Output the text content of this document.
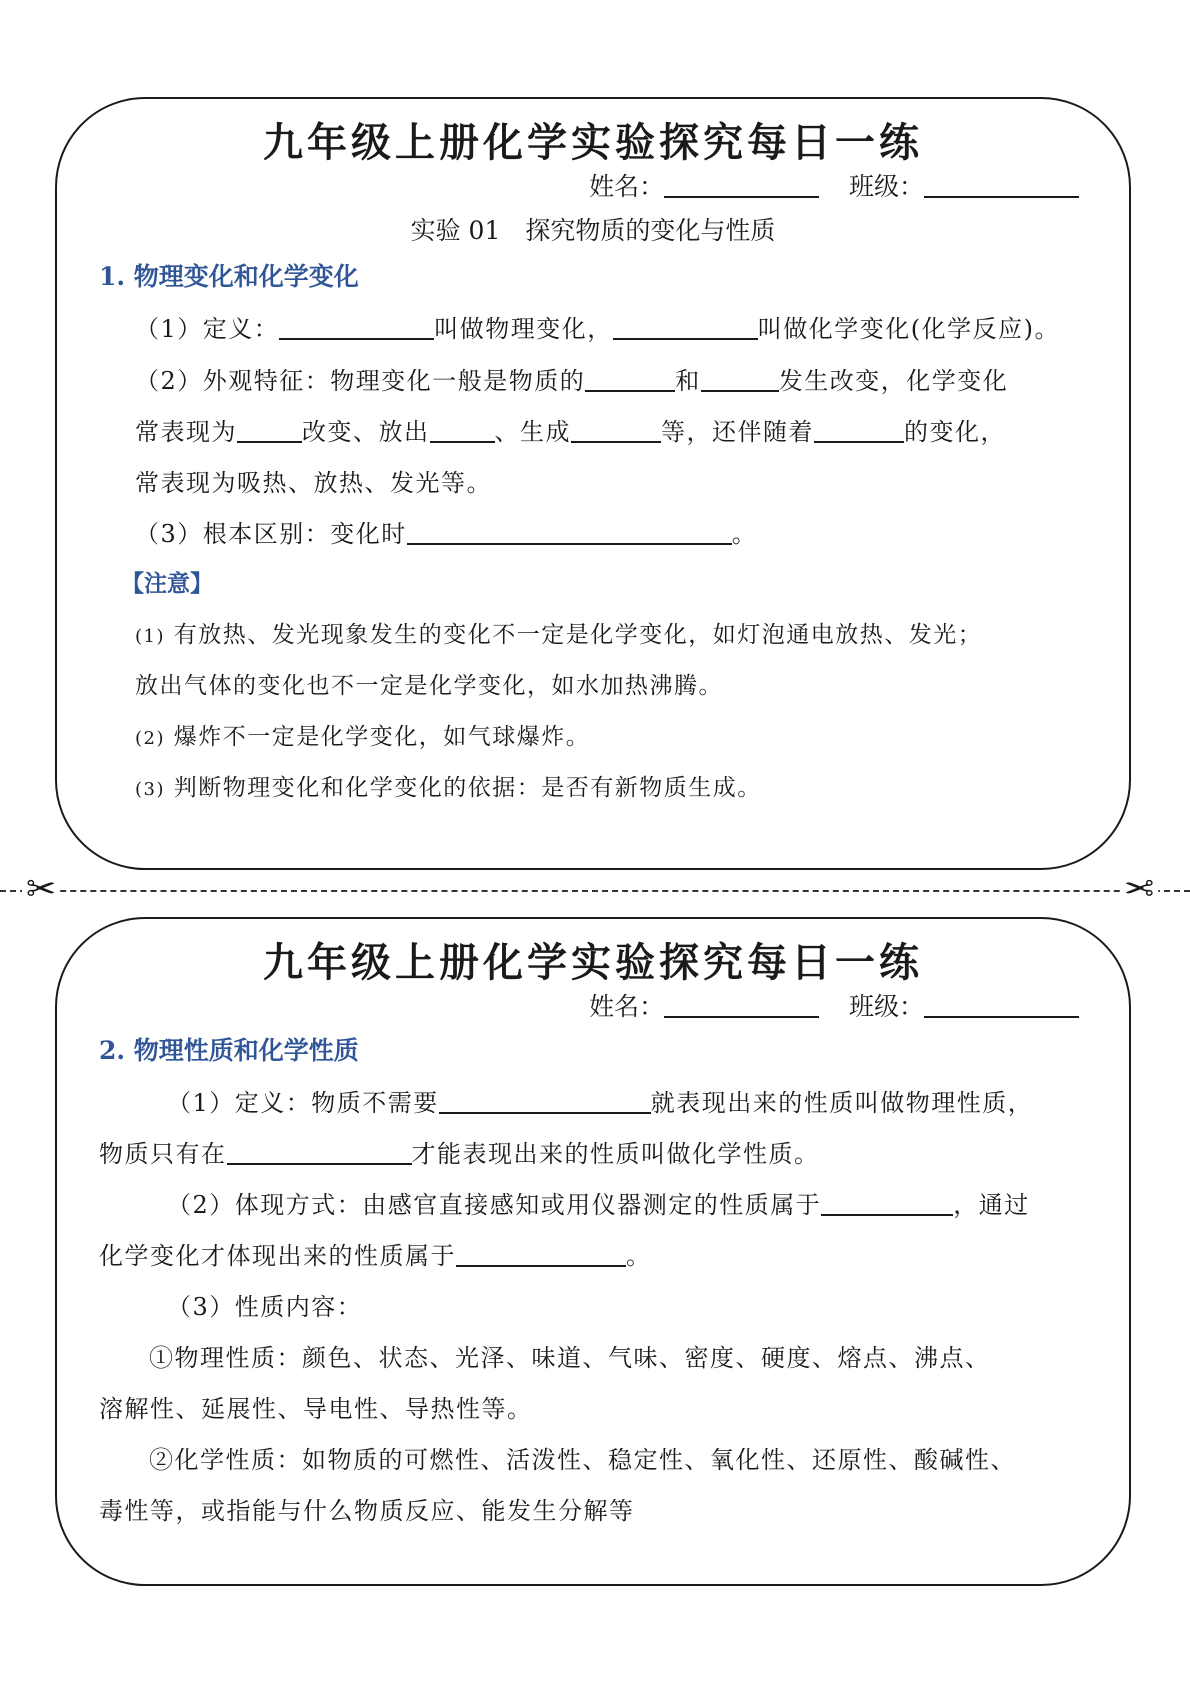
九年级上册化学实验探究每日一练
姓名：	班级：
实验 01　探究物质的变化与性质
1. 物理变化和化学变化
（1）定义：	叫做物理变化，	叫做化学变化(化学反应)。
（2）外观特征：物理变化一般是物质的	和	发生改变，化学变化
常表现为	改变、放出	、生成	等，还伴随着	的变化，
常表现为吸热、放热、发光等。
（3）根本区别：变化时	。
【注意】
(1) 有放热、发光现象发生的变化不一定是化学变化，如灯泡通电放热、发光；
放出气体的变化也不一定是化学变化，如水加热沸腾。
(2) 爆炸不一定是化学变化，如气球爆炸。
(3) 判断物理变化和化学变化的依据：是否有新物质生成。
✂	✂
九年级上册化学实验探究每日一练
姓名：	班级：
2. 物理性质和化学性质
（1）定义：物质不需要	就表现出来的性质叫做物理性质，
物质只有在	才能表现出来的性质叫做化学性质。
（2）体现方式：由感官直接感知或用仪器测定的性质属于	，通过
化学变化才体现出来的性质属于	。
（3）性质内容：
①物理性质：颜色、状态、光泽、味道、气味、密度、硬度、熔点、沸点、
溶解性、延展性、导电性、导热性等。
②化学性质：如物质的可燃性、活泼性、稳定性、氧化性、还原性、酸碱性、
毒性等，或指能与什么物质反应、能发生分解等
